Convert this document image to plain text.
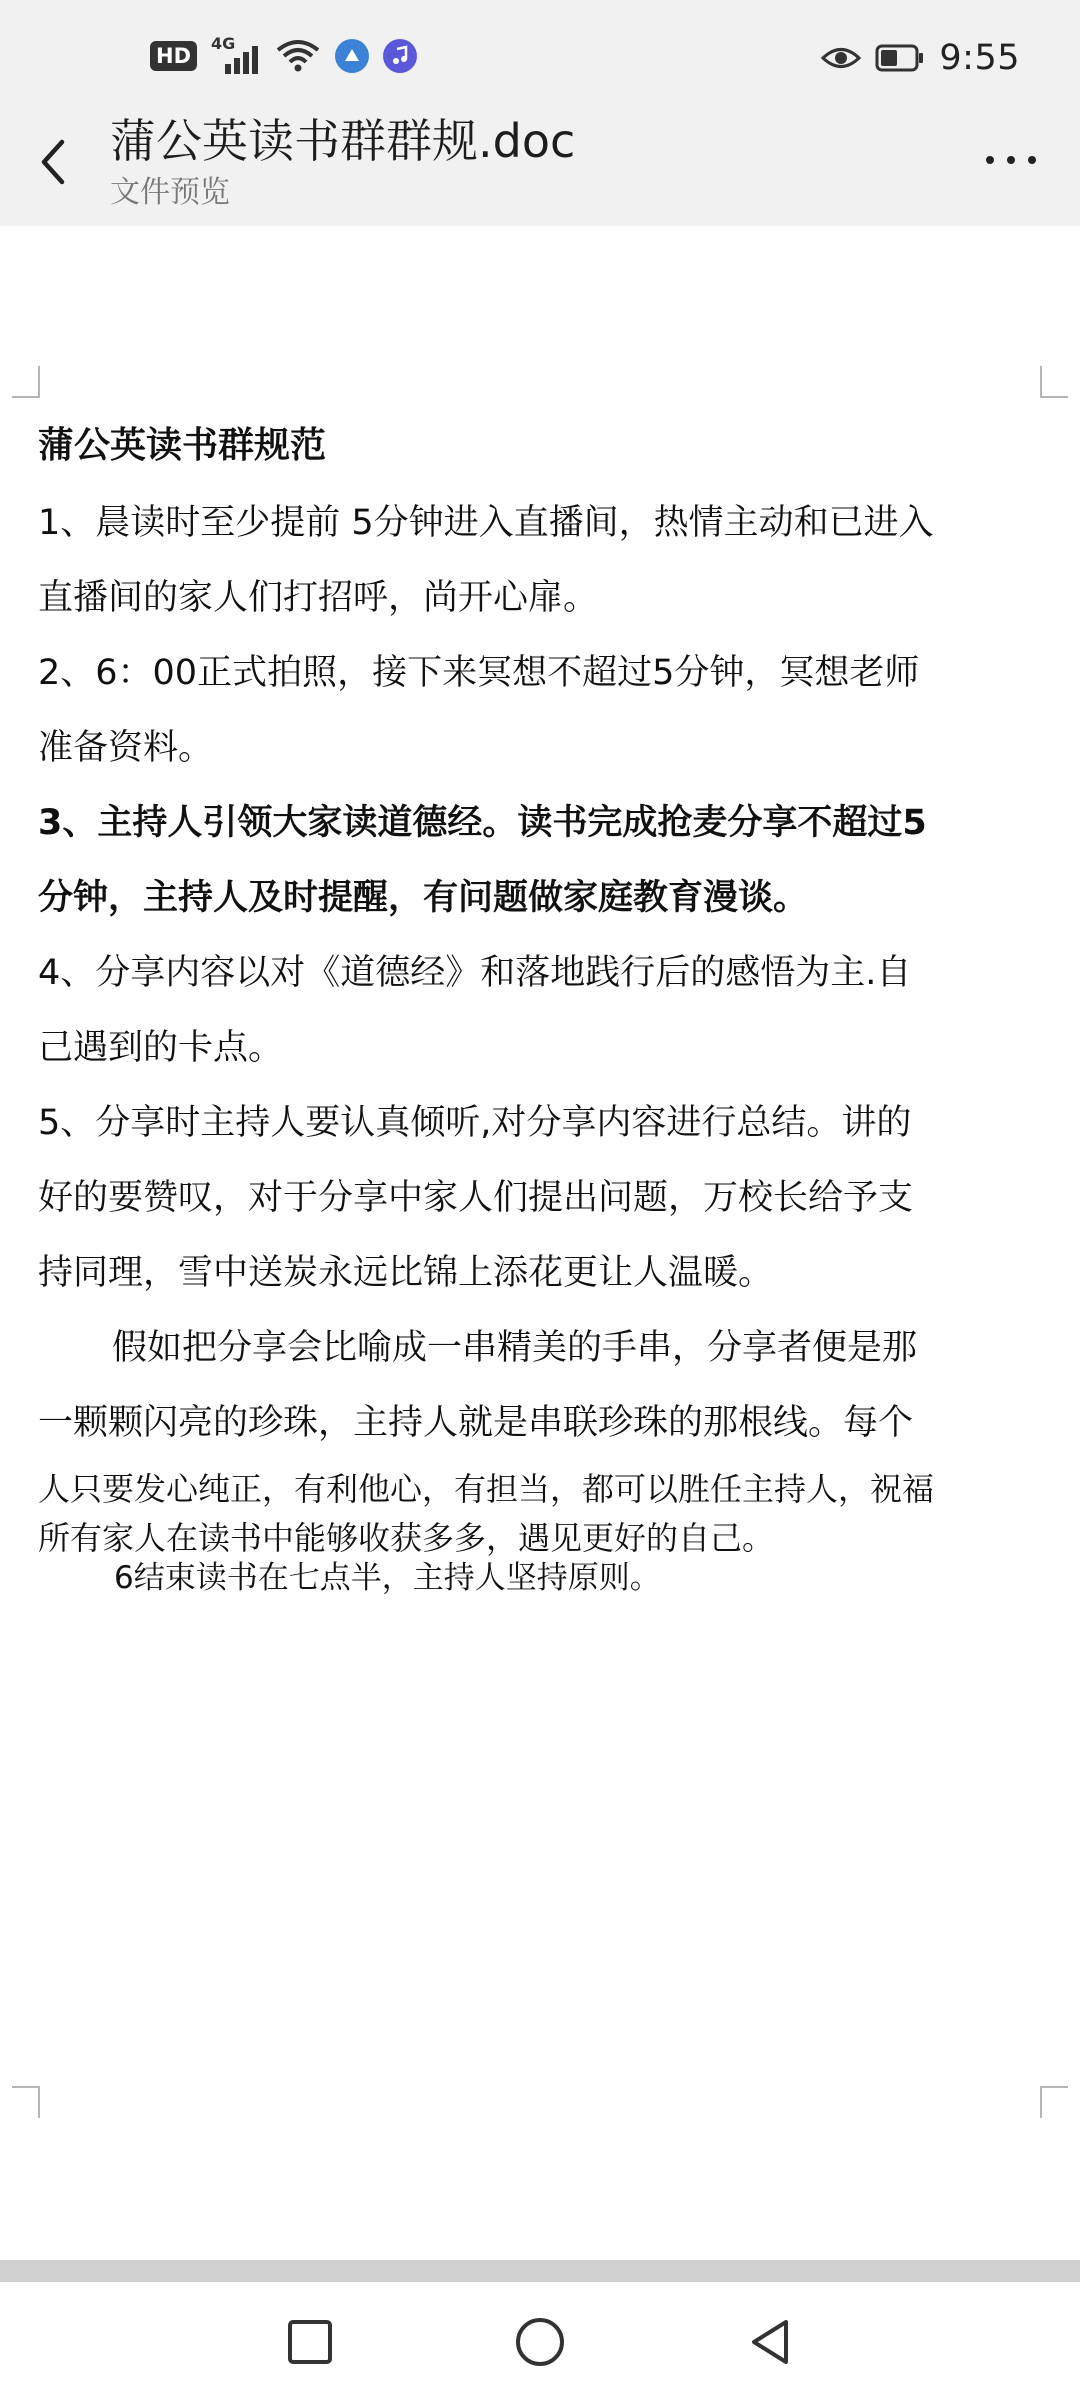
HD
4G	9:55
蒲公英读书群群规.doc
文件预览
蒲公英读书群规范
1、晨读时至少提前 5分钟进入直播间，热情主动和已进入
直播间的家人们打招呼，尚开心扉。
2、6：00正式拍照，接下来冥想不超过5分钟，冥想老师
准备资料。
3、主持人引领大家读道德经。读书完成抢麦分享不超过5
分钟，主持人及时提醒，有问题做家庭教育漫谈。
4、分享内容以对《道德经》和落地践行后的感悟为主.自
己遇到的卡点。
5、分享时主持人要认真倾听,对分享内容进行总结。讲的
好的要赞叹，对于分享中家人们提出问题，万校长给予支
持同理，雪中送炭永远比锦上添花更让人温暖。
假如把分享会比喻成一串精美的手串，分享者便是那
一颗颗闪亮的珍珠，主持人就是串联珍珠的那根线。每个
人只要发心纯正，有利他心，有担当，都可以胜任主持人，祝福
所有家人在读书中能够收获多多，遇见更好的自己。
6结束读书在七点半，主持人坚持原则。
